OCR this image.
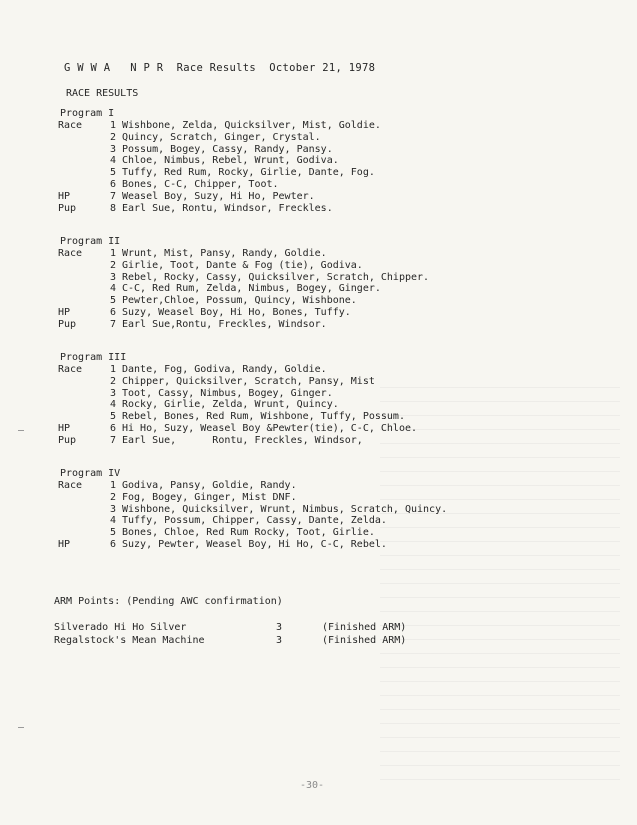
G W W A   N P R Race Results October 21, 1978
RACE RESULTS
Program I
Race	1 Wishbone, Zelda, Quicksilver, Mist, Goldie.
2 Quincy, Scratch, Ginger, Crystal.
3 Possum, Bogey, Cassy, Randy, Pansy.
4 Chloe, Nimbus, Rebel, Wrunt, Godiva.
5 Tuffy, Red Rum, Rocky, Girlie, Dante, Fog.
6 Bones, C-C, Chipper, Toot.
HP	7 Weasel Boy, Suzy, Hi Ho, Pewter.
Pup	8 Earl Sue, Rontu, Windsor, Freckles.
Program II
Race	1 Wrunt, Mist, Pansy, Randy, Goldie.
2 Girlie, Toot, Dante & Fog (tie), Godiva.
3 Rebel, Rocky, Cassy, Quicksilver, Scratch, Chipper.
4 C-C, Red Rum, Zelda, Nimbus, Bogey, Ginger.
5 Pewter,Chloe, Possum, Quincy, Wishbone.
HP	6 Suzy, Weasel Boy, Hi Ho, Bones, Tuffy.
Pup	7 Earl Sue,Rontu, Freckles, Windsor.
Program III
Race	1 Dante, Fog, Godiva, Randy, Goldie.
2 Chipper, Quicksilver, Scratch, Pansy, Mist
3 Toot, Cassy, Nimbus, Bogey, Ginger.
4 Rocky, Girlie, Zelda, Wrunt, Quincy.
5 Rebel, Bones, Red Rum, Wishbone, Tuffy, Possum.
HP	6 Hi Ho, Suzy, Weasel Boy &Pewter(tie), C-C, Chloe.
Pup	7 Earl Sue,      Rontu, Freckles, Windsor,
Program IV
Race	1 Godiva, Pansy, Goldie, Randy.
2 Fog, Bogey, Ginger, Mist DNF.
3 Wishbone, Quicksilver, Wrunt, Nimbus, Scratch, Quincy.
4 Tuffy, Possum, Chipper, Cassy, Dante, Zelda.
5 Bones, Chloe, Red Rum Rocky, Toot, Girlie.
HP	6 Suzy, Pewter, Weasel Boy, Hi Ho, C-C, Rebel.
ARM Points: (Pending AWC confirmation)
Silverado Hi Ho Silver	3	(Finished ARM)
Regalstock's Mean Machine	3	(Finished ARM)
-30-
